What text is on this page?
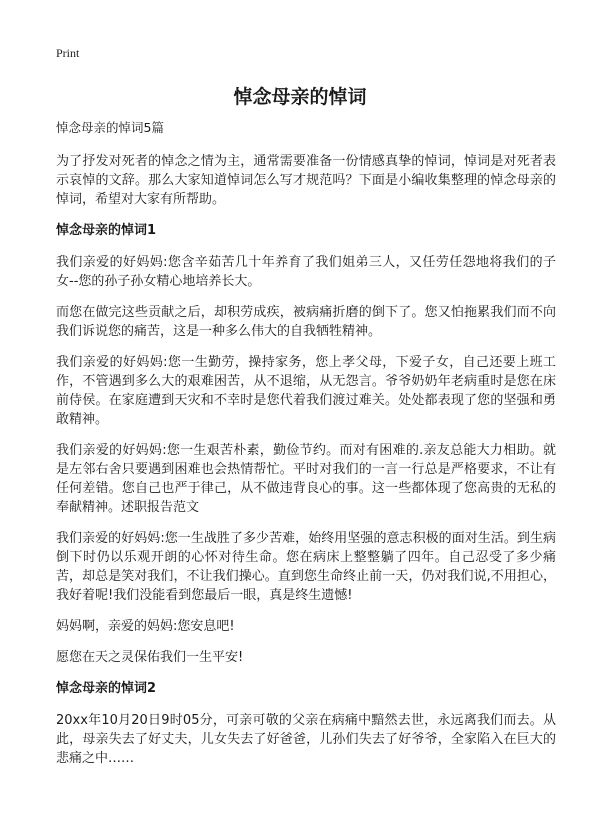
Print
悼念母亲的悼词

悼念母亲的悼词5篇

为了抒发对死者的悼念之情为主，通常需要准备一份情感真挚的悼词，悼词是对死者表示哀悼的文辞。那么大家知道悼词怎么写才规范吗？下面是小编收集整理的悼念母亲的悼词，希望对大家有所帮助。

悼念母亲的悼词1

我们亲爱的好妈妈:您含辛茹苦几十年养育了我们姐弟三人，又任劳任怨地将我们的子女--您的孙子孙女精心地培养长大。

而您在做完这些贡献之后，却积劳成疾，被病痛折磨的倒下了。您又怕拖累我们而不向我们诉说您的痛苦，这是一种多么伟大的自我牺牲精神。

我们亲爱的好妈妈:您一生勤劳，操持家务，您上孝父母，下爱子女，自己还要上班工作，不管遇到多么大的艰难困苦，从不退缩，从无怨言。爷爷奶奶年老病重时是您在床前侍侯。在家庭遭到天灾和不幸时是您代着我们渡过难关。处处都表现了您的坚强和勇敢精神。

我们亲爱的好妈妈:您一生艰苦朴素，勤俭节约。而对有困难的.亲友总能大力相助。就是左邻右舍只要遇到困难也会热情帮忙。平时对我们的一言一行总是严格要求，不让有任何差错。您自己也严于律己，从不做违背良心的事。这一些都体现了您高贵的无私的奉献精神。述职报告范文

我们亲爱的好妈妈:您一生战胜了多少苦难，始终用坚强的意志积极的面对生活。到生病倒下时仍以乐观开朗的心怀对待生命。您在病床上整整躺了四年。自己忍受了多少痛苦，却总是笑对我们，不让我们操心。直到您生命终止前一天，仍对我们说,不用担心，我好着呢!我们没能看到您最后一眼，真是终生遗憾!

妈妈啊，亲爱的妈妈:您安息吧!

愿您在天之灵保佑我们一生平安!

悼念母亲的悼词2

20xx年10月20日9时05分，可亲可敬的父亲在病痛中黯然去世，永远离我们而去。从此，母亲失去了好丈夫，儿女失去了好爸爸，儿孙们失去了好爷爷，全家陷入在巨大的悲痛之中……
